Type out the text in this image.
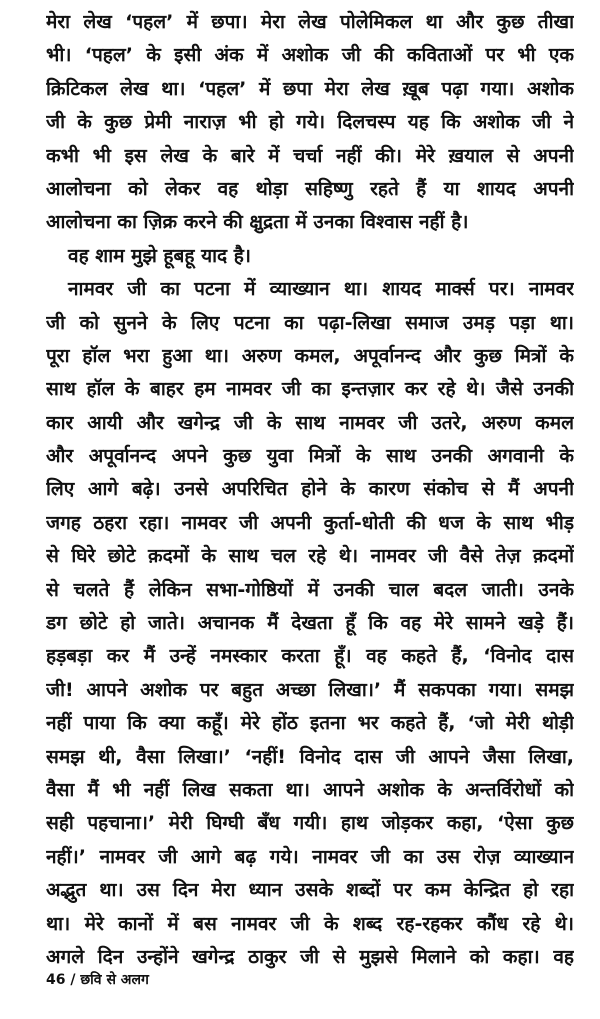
मेरा लेख ‘पहल’ में छपा। मेरा लेख पोलेमिकल था और कुछ तीखा
भी। ‘पहल’ के इसी अंक में अशोक जी की कविताओं पर भी एक
क्रिटिकल लेख था। ‘पहल’ में छपा मेरा लेख ख़ूब पढ़ा गया। अशोक
जी के कुछ प्रेमी नाराज़ भी हो गये। दिलचस्प यह कि अशोक जी ने
कभी भी इस लेख के बारे में चर्चा नहीं की। मेरे ख़याल से अपनी
आलोचना को लेकर वह थोड़ा सहिष्णु रहते हैं या शायद अपनी
आलोचना का ज़िक्र करने की क्षुद्रता में उनका विश्वास नहीं है।
वह शाम मुझे हूबहू याद है।
नामवर जी का पटना में व्याख्यान था। शायद मार्क्स पर। नामवर
जी को सुनने के लिए पटना का पढ़ा-लिखा समाज उमड़ पड़ा था।
पूरा हॉल भरा हुआ था। अरुण कमल, अपूर्वानन्द और कुछ मित्रों के
साथ हॉल के बाहर हम नामवर जी का इन्तज़ार कर रहे थे। जैसे उनकी
कार आयी और खगेन्द्र जी के साथ नामवर जी उतरे, अरुण कमल
और अपूर्वानन्द अपने कुछ युवा मित्रों के साथ उनकी अगवानी के
लिए आगे बढ़े। उनसे अपरिचित होने के कारण संकोच से मैं अपनी
जगह ठहरा रहा। नामवर जी अपनी कुर्ता-धोती की धज के साथ भीड़
से घिरे छोटे क़दमों के साथ चल रहे थे। नामवर जी वैसे तेज़ क़दमों
से चलते हैं लेकिन सभा-गोष्ठियों में उनकी चाल बदल जाती। उनके
डग छोटे हो जाते। अचानक मैं देखता हूँ कि वह मेरे सामने खड़े हैं।
हड़बड़ा कर मैं उन्हें नमस्कार करता हूँ। वह कहते हैं, ‘विनोद दास
जी! आपने अशोक पर बहुत अच्छा लिखा।’ मैं सकपका गया। समझ
नहीं पाया कि क्या कहूँ। मेरे होंठ इतना भर कहते हैं, ‘जो मेरी थोड़ी
समझ थी, वैसा लिखा।’ ‘नहीं! विनोद दास जी आपने जैसा लिखा,
वैसा मैं भी नहीं लिख सकता था। आपने अशोक के अन्तर्विरोधों को
सही पहचाना।’ मेरी घिग्घी बँध गयी। हाथ जोड़कर कहा, ‘ऐसा कुछ
नहीं।’ नामवर जी आगे बढ़ गये। नामवर जी का उस रोज़ व्याख्यान
अद्भुत था। उस दिन मेरा ध्यान उसके शब्दों पर कम केन्द्रित हो रहा
था। मेरे कानों में बस नामवर जी के शब्द रह-रहकर कौंध रहे थे।
अगले दिन उन्होंने खगेन्द्र ठाकुर जी से मुझसे मिलाने को कहा। वह
46 / छवि से अलग
